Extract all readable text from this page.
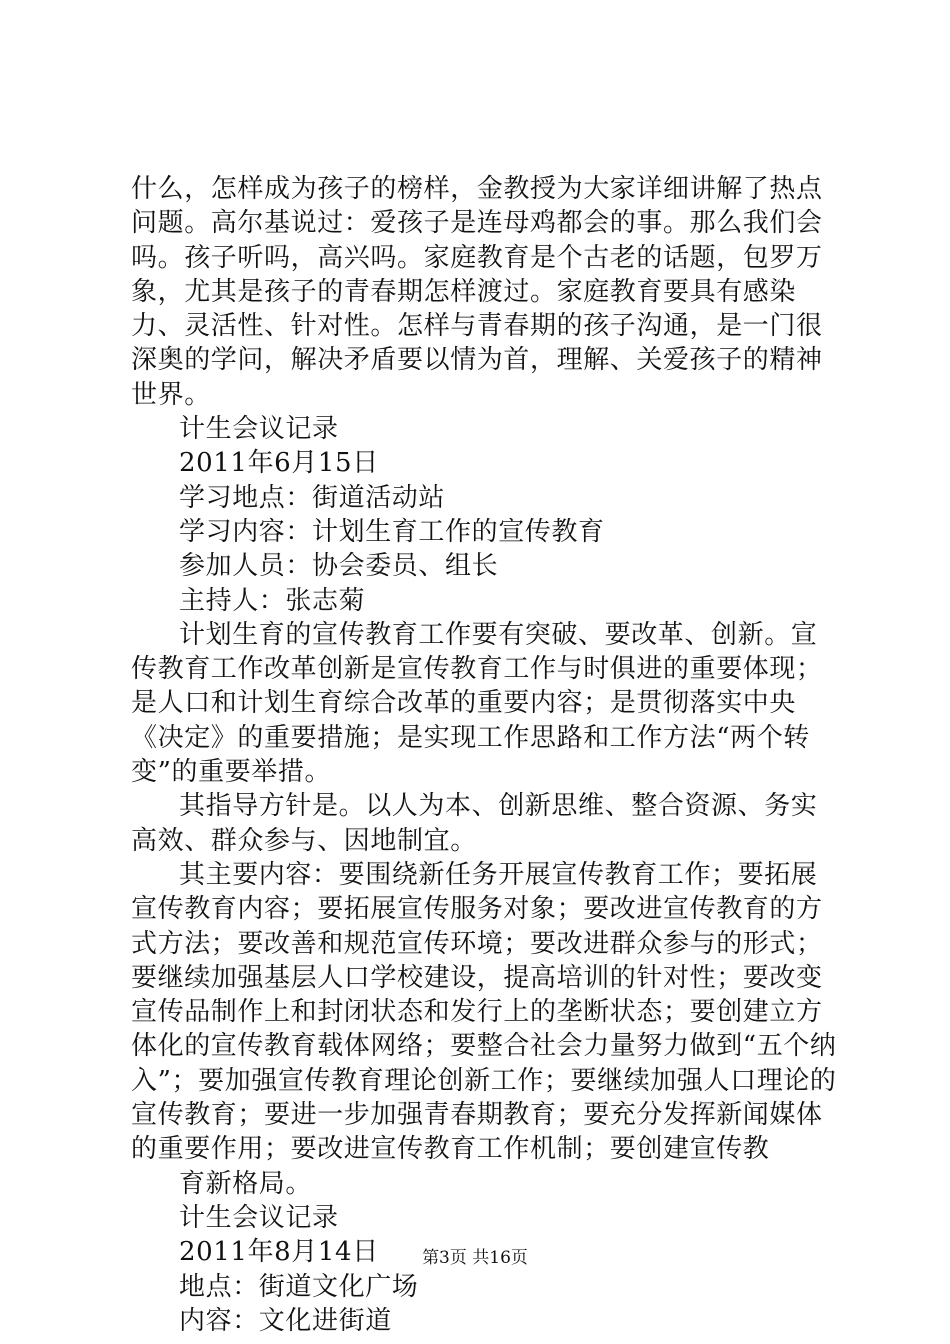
什么，怎样成为孩子的榜样，金教授为大家详细讲解了热点问题。高尔基说过：爱孩子是连母鸡都会的事。那么我们会吗。孩子听吗，高兴吗。家庭教育是个古老的话题，包罗万象，尤其是孩子的青春期怎样渡过。家庭教育要具有感染力、灵活性、针对性。怎样与青春期的孩子沟通，是一门很深奥的学问，解决矛盾要以情为首，理解、关爱孩子的精神世界。

计生会议记录

2011年6月15日

学习地点：街道活动站

学习内容：计划生育工作的宣传教育

参加人员：协会委员、组长

主持人：张志菊

计划生育的宣传教育工作要有突破、要改革、创新。宣传教育工作改革创新是宣传教育工作与时俱进的重要体现；是人口和计划生育综合改革的重要内容；是贯彻落实中央《决定》的重要措施；是实现工作思路和工作方法“两个转变”的重要举措。

其指导方针是。以人为本、创新思维、整合资源、务实高效、群众参与、因地制宜。

其主要内容：要围绕新任务开展宣传教育工作；要拓展宣传教育内容；要拓展宣传服务对象；要改进宣传教育的方式方法；要改善和规范宣传环境；要改进群众参与的形式；要继续加强基层人口学校建设，提高培训的针对性；要改变宣传品制作上和封闭状态和发行上的垄断状态；要创建立方体化的宣传教育载体网络；要整合社会力量努力做到“五个纳入”；要加强宣传教育理论创新工作；要继续加强人口理论的宣传教育；要进一步加强青春期教育；要充分发挥新闻媒体的重要作用；要改进宣传教育工作机制；要创建宣传教

育新格局。

计生会议记录

2011年8月14日

地点：街道文化广场

内容：文化进街道

第3页 共16页
